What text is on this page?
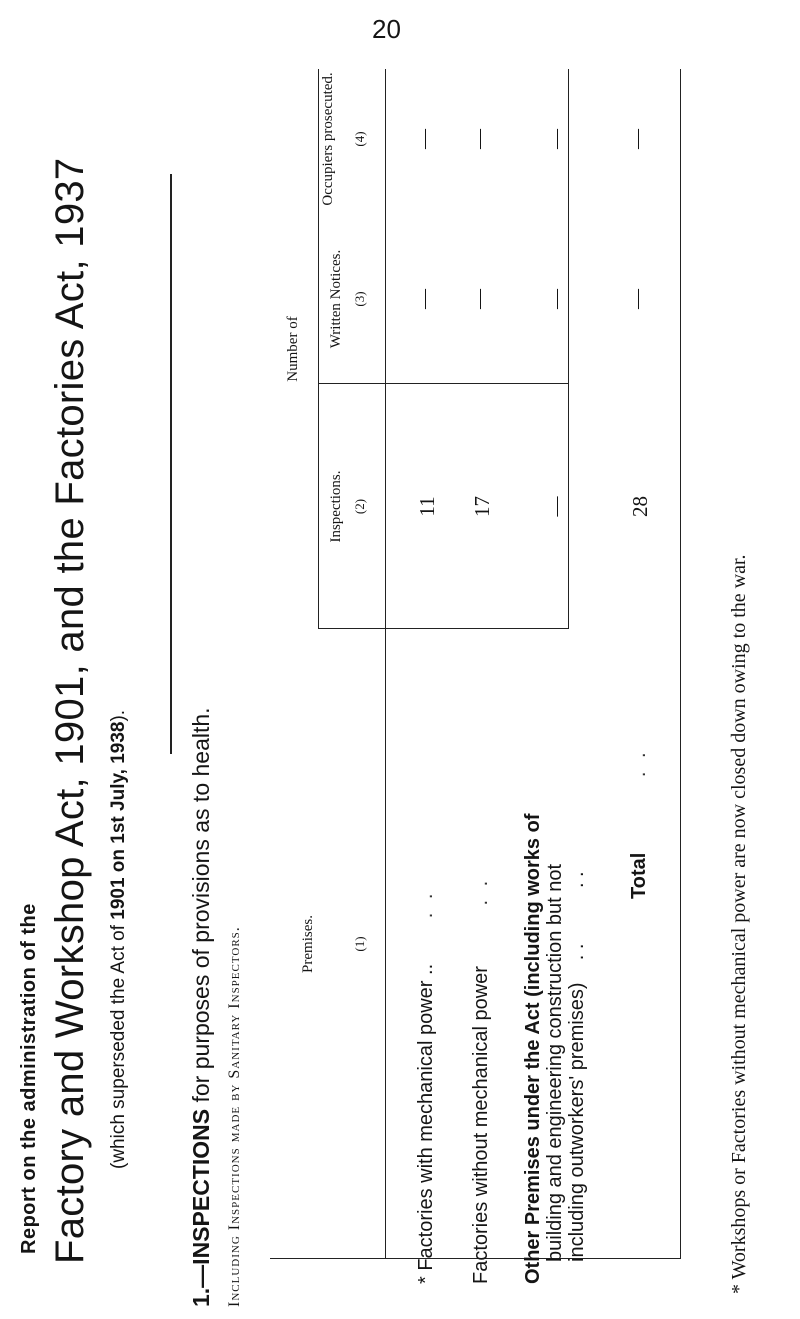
Report on the administration of the Factory and Workshop Act, 1901, and the Factories Act, 1937 (which superseded the Act of 1901 on 1st July, 1938).
1.—INSPECTIONS for purposes of provisions as to health.
Including Inspections made by Sanitary Inspectors.	Premises.
Number of
Inspections.
Written Notices.
Occupiers prosecuted.
(1)
(2)
(3)
(4)
* Factories with mechanical power .. . .
11
—
—
Factories without mechanical power . .
17
—
—
Other Premises under the Act (including works of building and engineering construction but not including outworkers' premises)    . .          . .
—
—
—
Total . .
28
—
—
* Workshops or Factories without mechanical power are now closed down owing to the war.
20
